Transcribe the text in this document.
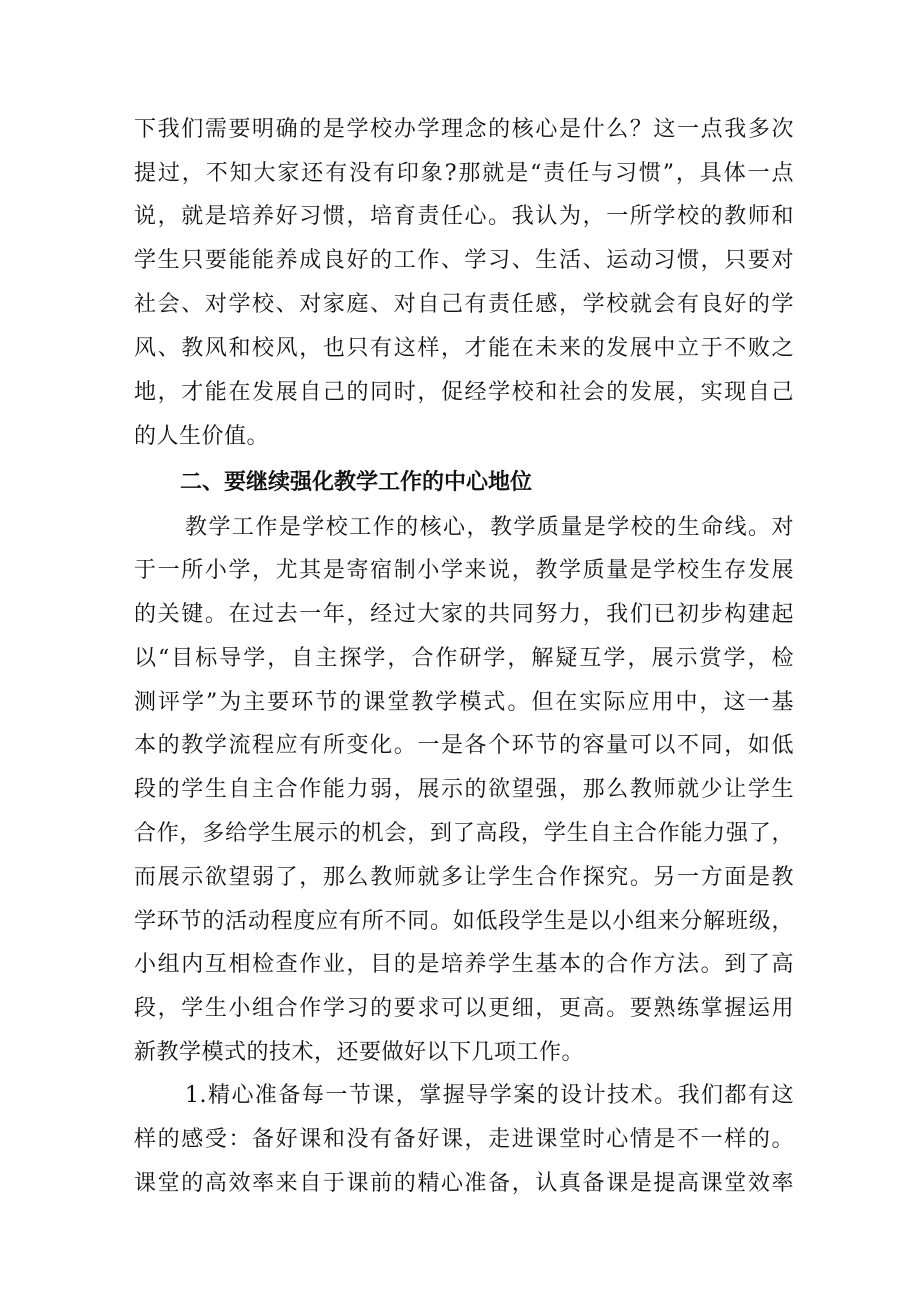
下我们需要明确的是学校办学理念的核心是什么？这一点我多次
提过，不知大家还有没有印象?那就是“责任与习惯”，具体一点
说，就是培养好习惯，培育责任心。我认为，一所学校的教师和
学生只要能能养成良好的工作、学习、生活、运动习惯，只要对
社会、对学校、对家庭、对自己有责任感，学校就会有良好的学
风、教风和校风，也只有这样，才能在未来的发展中立于不败之
地，才能在发展自己的同时，促经学校和社会的发展，实现自己
的人生价值。
二、要继续强化教学工作的中心地位
教学工作是学校工作的核心，教学质量是学校的生命线。对
于一所小学，尤其是寄宿制小学来说，教学质量是学校生存发展
的关键。在过去一年，经过大家的共同努力，我们已初步构建起
以“目标导学，自主探学，合作研学，解疑互学，展示赏学，检
测评学”为主要环节的课堂教学模式。但在实际应用中，这一基
本的教学流程应有所变化。一是各个环节的容量可以不同，如低
段的学生自主合作能力弱，展示的欲望强，那么教师就少让学生
合作，多给学生展示的机会，到了高段，学生自主合作能力强了，
而展示欲望弱了，那么教师就多让学生合作探究。另一方面是教
学环节的活动程度应有所不同。如低段学生是以小组来分解班级，
小组内互相检查作业，目的是培养学生基本的合作方法。到了高
段，学生小组合作学习的要求可以更细，更高。要熟练掌握运用
新教学模式的技术，还要做好以下几项工作。
1.精心准备每一节课，掌握导学案的设计技术。我们都有这
样的感受：备好课和没有备好课，走进课堂时心情是不一样的。
课堂的高效率来自于课前的精心准备，认真备课是提高课堂效率
